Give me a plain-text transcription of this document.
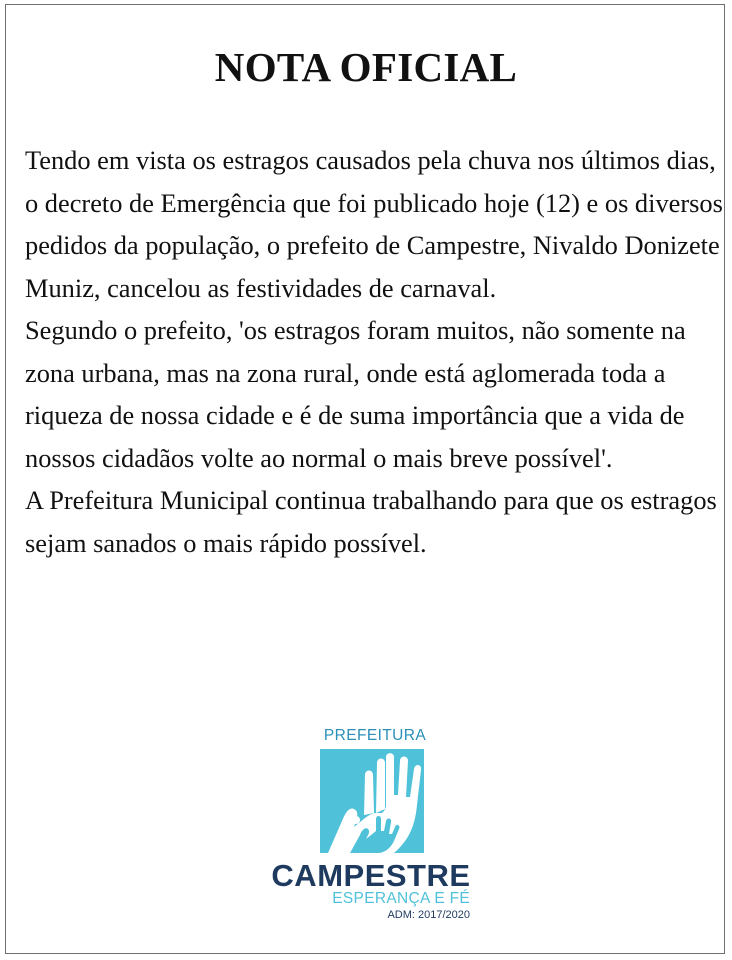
NOTA OFICIAL

Tendo em vista os estragos causados pela chuva nos últimos dias, o decreto de Emergência que foi publicado hoje (12) e os diversos pedidos da população, o prefeito de Campestre, Nivaldo Donizete Muniz, cancelou as festividades de carnaval.

Segundo o prefeito, 'os estragos foram muitos, não somente na zona urbana, mas na zona rural, onde está aglomerada toda a riqueza de nossa cidade e é de suma importância que a vida de nossos cidadãos volte ao normal o mais breve possível'.

A Prefeitura Municipal continua trabalhando para que os estragos sejam sanados o mais rápido possível.

PREFEITURA
CAMPESTRE
ESPERANÇA E FÉ
ADM: 2017/2020
